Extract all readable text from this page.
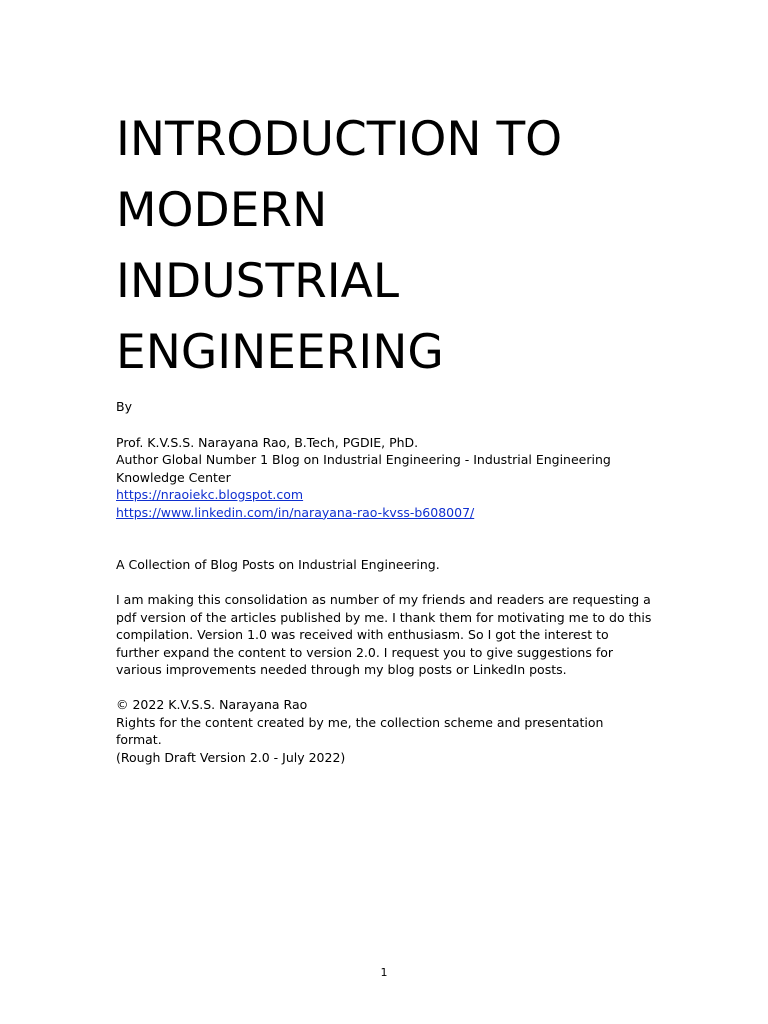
INTRODUCTION TO
MODERN
INDUSTRIAL
ENGINEERING
By
Prof. K.V.S.S. Narayana Rao, B.Tech, PGDIE, PhD.
Author Global Number 1 Blog on Industrial Engineering - Industrial Engineering
Knowledge Center
https://nraoiekc.blogspot.com
https://www.linkedin.com/in/narayana-rao-kvss-b608007/
A Collection of Blog Posts on Industrial Engineering.
I am making this consolidation as number of my friends and readers are requesting a
pdf version of the articles published by me. I thank them for motivating me to do this
compilation. Version 1.0 was received with enthusiasm. So I got the interest to
further expand the content to version 2.0. I request you to give suggestions for
various improvements needed through my blog posts or LinkedIn posts.
© 2022 K.V.S.S. Narayana Rao
Rights for the content created by me, the collection scheme and presentation
format.
(Rough Draft Version 2.0 - July 2022)
1
